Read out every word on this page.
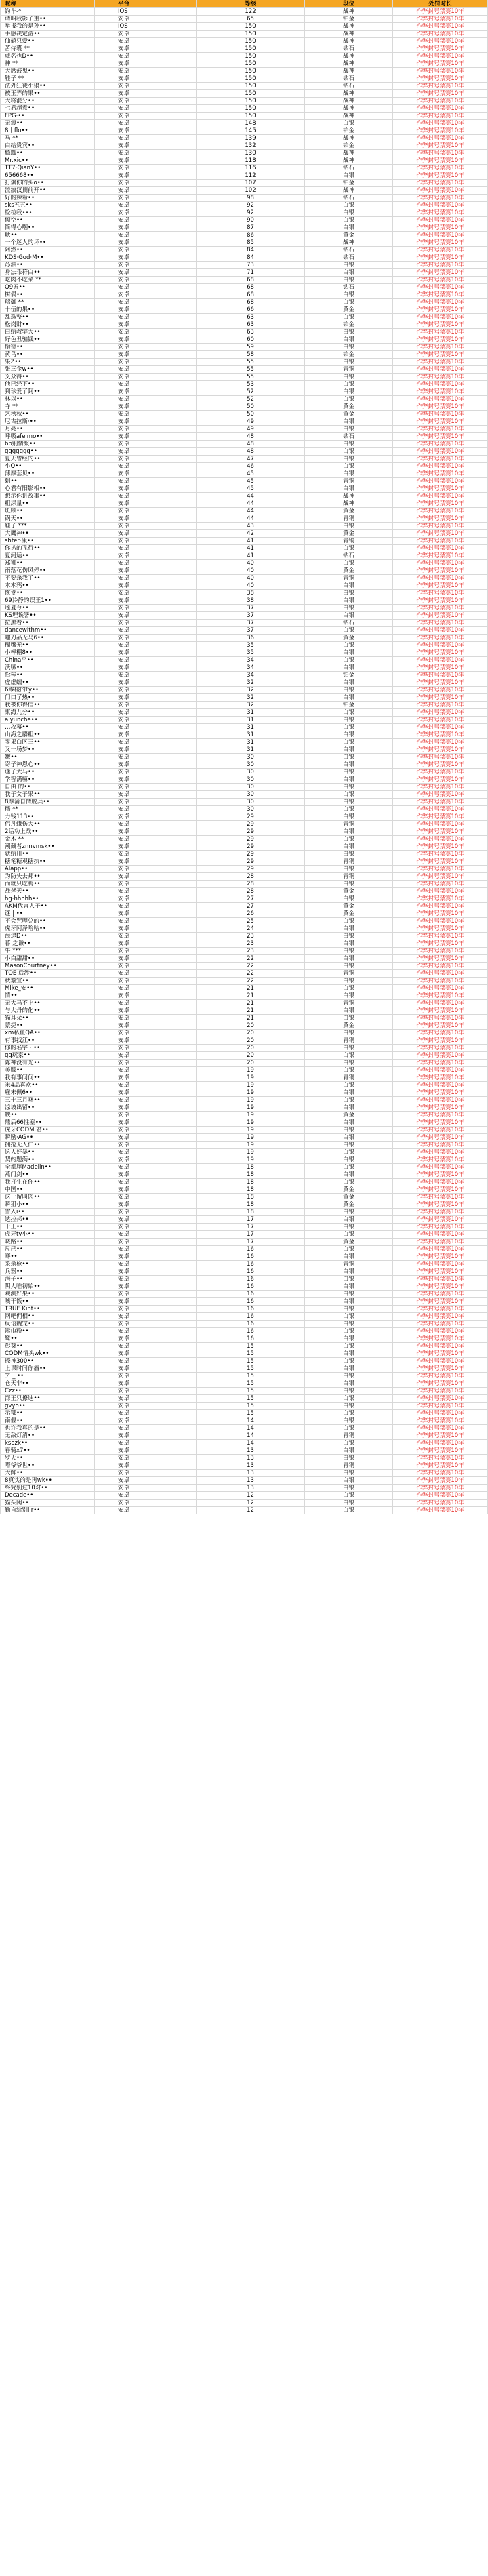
昵称	平台	等级	段位	处罚时长
钓车-*	IOS	122	战神	作弊封号禁赛10年
请叫我影子重••	安卓	65	铂金	作弊封号禁赛10年
举报我的是孙••	IOS	150	战神	作弊封号禁赛10年
手感决定游••	安卓	150	战神	作弊封号禁赛10年
仙鹤只爱••	安卓	150	战神	作弊封号禁赛10年
苦侍囊 **	安卓	150	钻石	作弊封号禁赛10年
威名也D••	安卓	150	战神	作弊封号禁赛10年
神 **	安卓	150	战神	作弊封号禁赛10年
大席鼓鬼••	安卓	150	战神	作弊封号禁赛10年
鞋子 **	安卓	150	钻石	作弊封号禁赛10年
法外狂徒小狼••	安卓	150	钻石	作弊封号禁赛10年
被玉弄的果••	安卓	150	战神	作弊封号禁赛10年
大将混分••	安卓	150	战神	作弊封号禁赛10年
七君超煮••	安卓	150	战神	作弊封号禁赛10年
FPG·••	安卓	150	战神	作弊封号禁赛10年
无痕••	安卓	148	白银	作弊封号禁赛10年
8丨flo••	安卓	145	铂金	作弊封号禁赛10年
马 **	安卓	139	战神	作弊封号禁赛10年
白给贵宾••	安卓	132	铂金	作弊封号禁赛10年
瘾瓢••	安卓	130	战神	作弊封号禁赛10年
Mr.xic••	安卓	118	战神	作弊封号禁赛10年
TT7·QianY••	安卓	116	钻石	作弊封号禁赛10年
656668••	安卓	112	白银	作弊封号禁赛10年
打爆你的头o••	安卓	107	铂金	作弊封号禁赛10年
流浪汉摘前开••	安卓	102	战神	作弊封号禁赛10年
好的辣希••	安卓	98	钻石	作弊封号禁赛10年
sks五五••	安卓	92	白银	作弊封号禁赛10年
检检我•••	安卓	92	白银	作弊封号禁赛10年
倾空••	安卓	90	白银	作弊封号禁赛10年
简得心嘲••	安卓	87	白银	作弊封号禁赛10年
耿••	安卓	86	黄金	作弊封号禁赛10年
一个迷人的坏••	安卓	85	战神	作弊封号禁赛10年
阿然••	安卓	84	钻石	作弊封号禁赛10年
KDS·God·M••	安卓	84	钻石	作弊封号禁赛10年
苏油••	安卓	73	白银	作弊封号禁赛10年
身法乖符白••	安卓	71	白银	作弊封号禁赛10年
吃肉不吃菜 **	安卓	68	白银	作弊封号禁赛10年
Q9五••	安卓	68	钻石	作弊封号禁赛10年
树偶••	安卓	68	白银	作弊封号禁赛10年
瑞御 **	安卓	68	白银	作弊封号禁赛10年
十伍的果••	安卓	66	黄金	作弊封号禁赛10年
乱珠整••	安卓	63	白银	作弊封号禁赛10年
松岗财••	安卓	63	铂金	作弊封号禁赛10年
白给教学大••	安卓	63	白银	作弊封号禁赛10年
好色丑骗钱••	安卓	60	白银	作弊封号禁赛10年
愉德••	安卓	59	白银	作弊封号禁赛10年
黄鸟••	安卓	58	铂金	作弊封号禁赛10年
果Z••	安卓	55	白银	作弊封号禁赛10年
张三金w••	安卓	55	青铜	作弊封号禁赛10年
义众得••	安卓	55	白银	作弊封号禁赛10年
他已经下••	安卓	53	白银	作弊封号禁赛10年
到珍爱了阿••	安卓	52	白银	作弊封号禁赛10年
林以••	安卓	52	白银	作弊封号禁赛10年
寺 **	安卓	50	黄金	作弊封号禁赛10年
乞秋秋••	安卓	50	黄金	作弊封号禁赛10年
尼古拉斯·••	安卓	49	白银	作弊封号禁赛10年
月亮••	安卓	49	白银	作弊封号禁赛10年
呼吸afeimo••	安卓	48	钻石	作弊封号禁赛10年
bb别情浆••	安卓	48	白银	作弊封号禁赛10年
ggggggg••	安卓	48	白银	作弊封号禁赛10年
夏天曾经的••	安卓	47	白银	作弊封号禁赛10年
小Q••	安卓	46	白银	作弊封号禁赛10年
薄厚套贝••	安卓	45	白银	作弊封号禁赛10年
剩••	安卓	45	青铜	作弊封号禁赛10年
心君有阳影相••	安卓	45	白银	作弊封号禁赛10年
想示你讲故事••	安卓	44	战神	作弊封号禁赛10年
粗渌量••	安卓	44	战神	作弊封号禁赛10年
斑顾••	安卓	44	黄金	作弊封号禁赛10年
锅天••	安卓	44	青铜	作弊封号禁赛10年
鞋子 ***	安卓	43	白银	作弊封号禁赛10年
大鹰神••	安卓	42	黄金	作弊封号禁赛10年
shter·康••	安卓	41	青铜	作弊封号禁赛10年
你扒的飞行••	安卓	41	白银	作弊封号禁赛10年
夏河运••	安卓	41	钻石	作弊封号禁赛10年
郑狮••	安卓	40	白银	作弊封号禁赛10年
雨落花伤风停••	安卓	40	黄金	作弊封号禁赛10年
不要杀我了••	安卓	40	青铜	作弊封号禁赛10年
木木鸦••	安卓	40	白银	作弊封号禁赛10年
恢受••	安卓	38	白银	作弊封号禁赛10年
69冷静的误王1••	安卓	38	白银	作弊封号禁赛10年
逵夏今••	安卓	37	白银	作弊封号禁赛10年
KS埋诶署••	安卓	37	白银	作弊封号禁赛10年
拉黑看••	安卓	37	钻石	作弊封号禁赛10年
dancewithm••	安卓	37	白银	作弊封号禁赛10年
趣刀品无马6••	安卓	36	黄金	作弊封号禁赛10年
糊嘴无••	安卓	35	白银	作弊封号禁赛10年
小棒棚8••	安卓	35	白银	作弊封号禁赛10年
China平••	安卓	34	白银	作弊封号禁赛10年
沃嗦••	安卓	34	白银	作弊封号禁赛10年
恰棒••	安卓	34	铂金	作弊封号禁赛10年
虚虚蠕••	安卓	32	白银	作弊封号禁赛10年
6零楼的Fy••	安卓	32	白银	作弊封号禁赛10年
门口了热••	安卓	32	白银	作弊封号禁赛10年
我被你得信••	安卓	32	铂金	作弊封号禁赛10年
東海九分••	安卓	31	白银	作弊封号禁赛10年
aiyunche••	安卓	31	白银	作弊封号禁赛10年
…攻幕••	安卓	31	白银	作弊封号禁赛10年
山海之麝粗••	安卓	31	白银	作弊封号禁赛10年
零果白区三••	安卓	31	白银	作弊封号禁赛10年
又一场梦••	安卓	31	白银	作弊封号禁赛10年
嫩••	安卓	30	白银	作弊封号禁赛10年
寄子神恩心••	安卓	30	白银	作弊封号禁赛10年
谜子大马••	安卓	30	白银	作弊封号禁赛10年
学智满嘛••	安卓	30	白银	作弊封号禁赛10年
自由 的••	安卓	30	白银	作弊封号禁赛10年
我子女子果••	安卓	30	白银	作弊封号禁赛10年
8厚蒲自情脱兵••	安卓	30	白银	作弊封号禁赛10年
糯 **	安卓	30	白银	作弊封号禁赛10年
力钱113••	安卓	29	白银	作弊封号禁赛10年
侣凡蛾伤大••	安卓	29	青铜	作弊封号禁赛10年
2话功上战••	安卓	29	白银	作弊封号禁赛10年
金木 **	安卓	29	白银	作弊封号禁赛10年
潮藏者znnvmsk••	安卓	29	白银	作弊封号禁赛10年
就给川••	安卓	29	白银	作弊封号禁赛10年
糖笔糖观糖执••	安卓	29	青铜	作弊封号禁赛10年
Alapp••	安卓	29	白银	作弊封号禁赛10年
为防失去邦••	安卓	28	青铜	作弊封号禁赛10年
而就只吃鸭••	安卓	28	白银	作弊封号禁赛10年
战斧天••	安卓	28	黄金	作弊封号禁赛10年
hg·hhhhh••	安卓	27	白银	作弊封号禁赛10年
AKM代言人子••	安卓	27	黄金	作弊封号禁赛10年
谜 | ••	安卓	26	黄金	作弊封号禁赛10年
不会咒哩兑的••	安卓	25	白银	作弊封号禁赛10年
虎牙阿泽哈哈••	安卓	24	白银	作弊封号禁赛10年
海递D••	安卓	23	白银	作弊封号禁赛10年
暮 之谦••	安卓	23	白银	作弊封号禁赛10年
牛 ***	安卓	23	白银	作弊封号禁赛10年
小白甜甜••	安卓	22	白银	作弊封号禁赛10年
MasonCourtney••	安卓	22	白银	作弊封号禁赛10年
TOE 后涉••	安卓	22	青铜	作弊封号禁赛10年
秋黎宜••	安卓	22	白银	作弊封号禁赛10年
Mike_安••	安卓	21	白银	作弊封号禁赛10年
情••	安卓	21	白银	作弊封号禁赛10年
无大马不上••	安卓	21	青铜	作弊封号禁赛10年
与大丹的化••	安卓	21	白银	作弊封号禁赛10年
猫耳朵••	安卓	21	白银	作弊封号禁赛10年
蒙捷••	安卓	20	黄金	作弊封号禁赛10年
xm私鱼QA••	安卓	20	白银	作弊封号禁赛10年
有事找江••	安卓	20	青铜	作弊封号禁赛10年
你的名字 · ••	安卓	20	白银	作弊封号禁赛10年
gg玩家••	安卓	20	白银	作弊封号禁赛10年
陈神没有光••	安卓	20	白银	作弊封号禁赛10年
美朦••	安卓	19	白银	作弊封号禁赛10年
我有事问何••	安卓	19	青铜	作弊封号禁赛10年
米4品喜欢••	安卓	19	白银	作弊封号禁赛10年
雇末佩6••	安卓	19	白银	作弊封号禁赛10年
三十三月咻••	安卓	19	白银	作弊封号禁赛10年
凉坡出留••	安卓	19	白银	作弊封号禁赛10年
鞅••	安卓	19	黄金	作弊封号禁赛10年
鼎后66性塞••	安卓	19	白银	作弊封号禁赛10年
虎牙CODM.君••	安卓	19	白银	作弊封号禁赛10年
瞬励·AG••	安卓	19	白银	作弊封号禁赛10年
拥抢无人仁••	安卓	19	白银	作弊封号禁赛10年
这人好暴••	安卓	19	白银	作弊封号禁赛10年
契约题满••	安卓	19	白银	作弊封号禁赛10年
全都厘Madelin••	安卓	18	白银	作弊封号禁赛10年
燕门剑••	安卓	18	白银	作弊封号禁赛10年
我打生在你••	安卓	18	白银	作弊封号禁赛10年
中国••	安卓	18	黄金	作弊封号禁赛10年
这一留叫肉••	安卓	18	黄金	作弊封号禁赛10年
瞬狙小••	安卓	18	黄金	作弊封号禁赛10年
雪入i••	安卓	18	白银	作弊封号禁赛10年
达拉邦••	安卓	17	白银	作弊封号禁赛10年
千王••	安卓	17	白银	作弊封号禁赛10年
虎牙tv小••	安卓	17	白银	作弊封号禁赛10年
晓路••	安卓	17	黄金	作弊封号禁赛10年
尺己••	安卓	16	白银	作弊封号禁赛10年
骞••	安卓	16	白银	作弊封号禁赛10年
采杀枪••	安卓	16	青铜	作弊封号禁赛10年
兵器••	安卓	16	白银	作弊封号禁赛10年
潜子••	安卓	16	白银	作弊封号禁赛10年
阴人唯初始••	安卓	16	白银	作弊封号禁赛10年
观测好果••	安卓	16	白银	作弊封号禁赛10年
咳干饭••	安卓	16	白银	作弊封号禁赛10年
TRUE Kint••	安卓	16	白银	作弊封号禁赛10年
网吧佣相••	安卓	16	白银	作弊封号禁赛10年
疯语魏宠••	安卓	16	白银	作弊封号禁赛10年
嚣巾粉••	安卓	16	白银	作弊封号禁赛10年
鹭••	安卓	16	白银	作弊封号禁赛10年
彭葵••	安卓	15	白银	作弊封号禁赛10年
CODM情头wk••	安卓	15	白银	作弊封号禁赛10年
撩神300••	安卓	15	白银	作弊封号禁赛10年
上课时间你瘤••	安卓	15	白银	作弊封号禁赛10年
ア _ ••	安卓	15	白银	作弊封号禁赛10年
仓天非••	安卓	15	白银	作弊封号禁赛10年
Czz••	安卓	15	白银	作弊封号禁赛10年
海王只撩迪••	安卓	15	白银	作弊封号禁赛10年
gvyo••	安卓	15	白银	作弊封号禁赛10年
示鄂••	安卓	15	白银	作弊封号禁赛10年
南偃••	安卓	14	白银	作弊封号禁赛10年
也许我真的是••	安卓	14	白银	作弊封号禁赛10年
无敌灯清••	安卓	14	青铜	作弊封号禁赛10年
ksozk••	安卓	14	白银	作弊封号禁赛10年
春骑x7••	安卓	13	白银	作弊封号禁赛10年
罗天••	安卓	13	白银	作弊封号禁赛10年
嘈爷爷世••	安卓	13	青铜	作弊封号禁赛10年
大鲜••	安卓	13	白银	作弊封号禁赛10年
8真实的是再wk••	安卓	13	白银	作弊封号禁赛10年
终究别过10对••	安卓	13	白银	作弊封号禁赛10年
Decade••	安卓	12	白银	作弊封号禁赛10年
猫头闲••	安卓	12	白银	作弊封号禁赛10年
勤自给别lir••	安卓	12	白银	作弊封号禁赛10年
